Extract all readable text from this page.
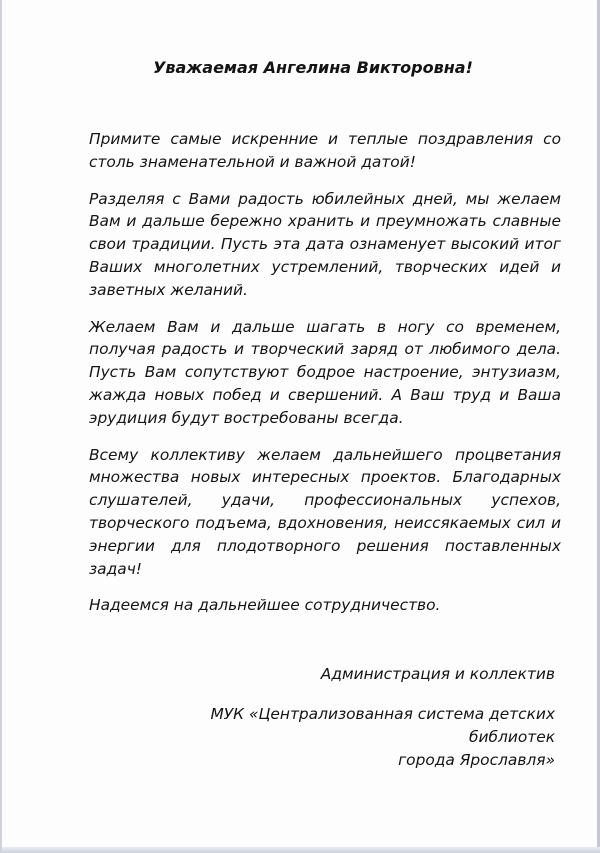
Уважаемая Ангелина Викторовна!

Примите самые искренние и теплые поздравления со столь знаменательной и важной датой!

Разделяя с Вами радость юбилейных дней, мы желаем Вам и дальше бережно хранить и преумножать славные свои традиции. Пусть эта дата ознаменует высокий итог Ваших многолетних устремлений, творческих идей и заветных желаний.

Желаем Вам и дальше шагать в ногу со временем, получая радость и творческий заряд от любимого дела. Пусть Вам сопутствуют бодрое настроение, энтузиазм, жажда новых побед и свершений. А Ваш труд и Ваша эрудиция будут востребованы всегда.

Всему коллективу желаем дальнейшего процветания множества новых интересных проектов. Благодарных слушателей, удачи, профессиональных успехов, творческого подъема, вдохновения, неиссякаемых сил и энергии для плодотворного решения поставленных задач!

Надеемся на дальнейшее сотрудничество.

Администрация и коллектив
МУК «Централизованная система детских библиотек
города Ярославля»
